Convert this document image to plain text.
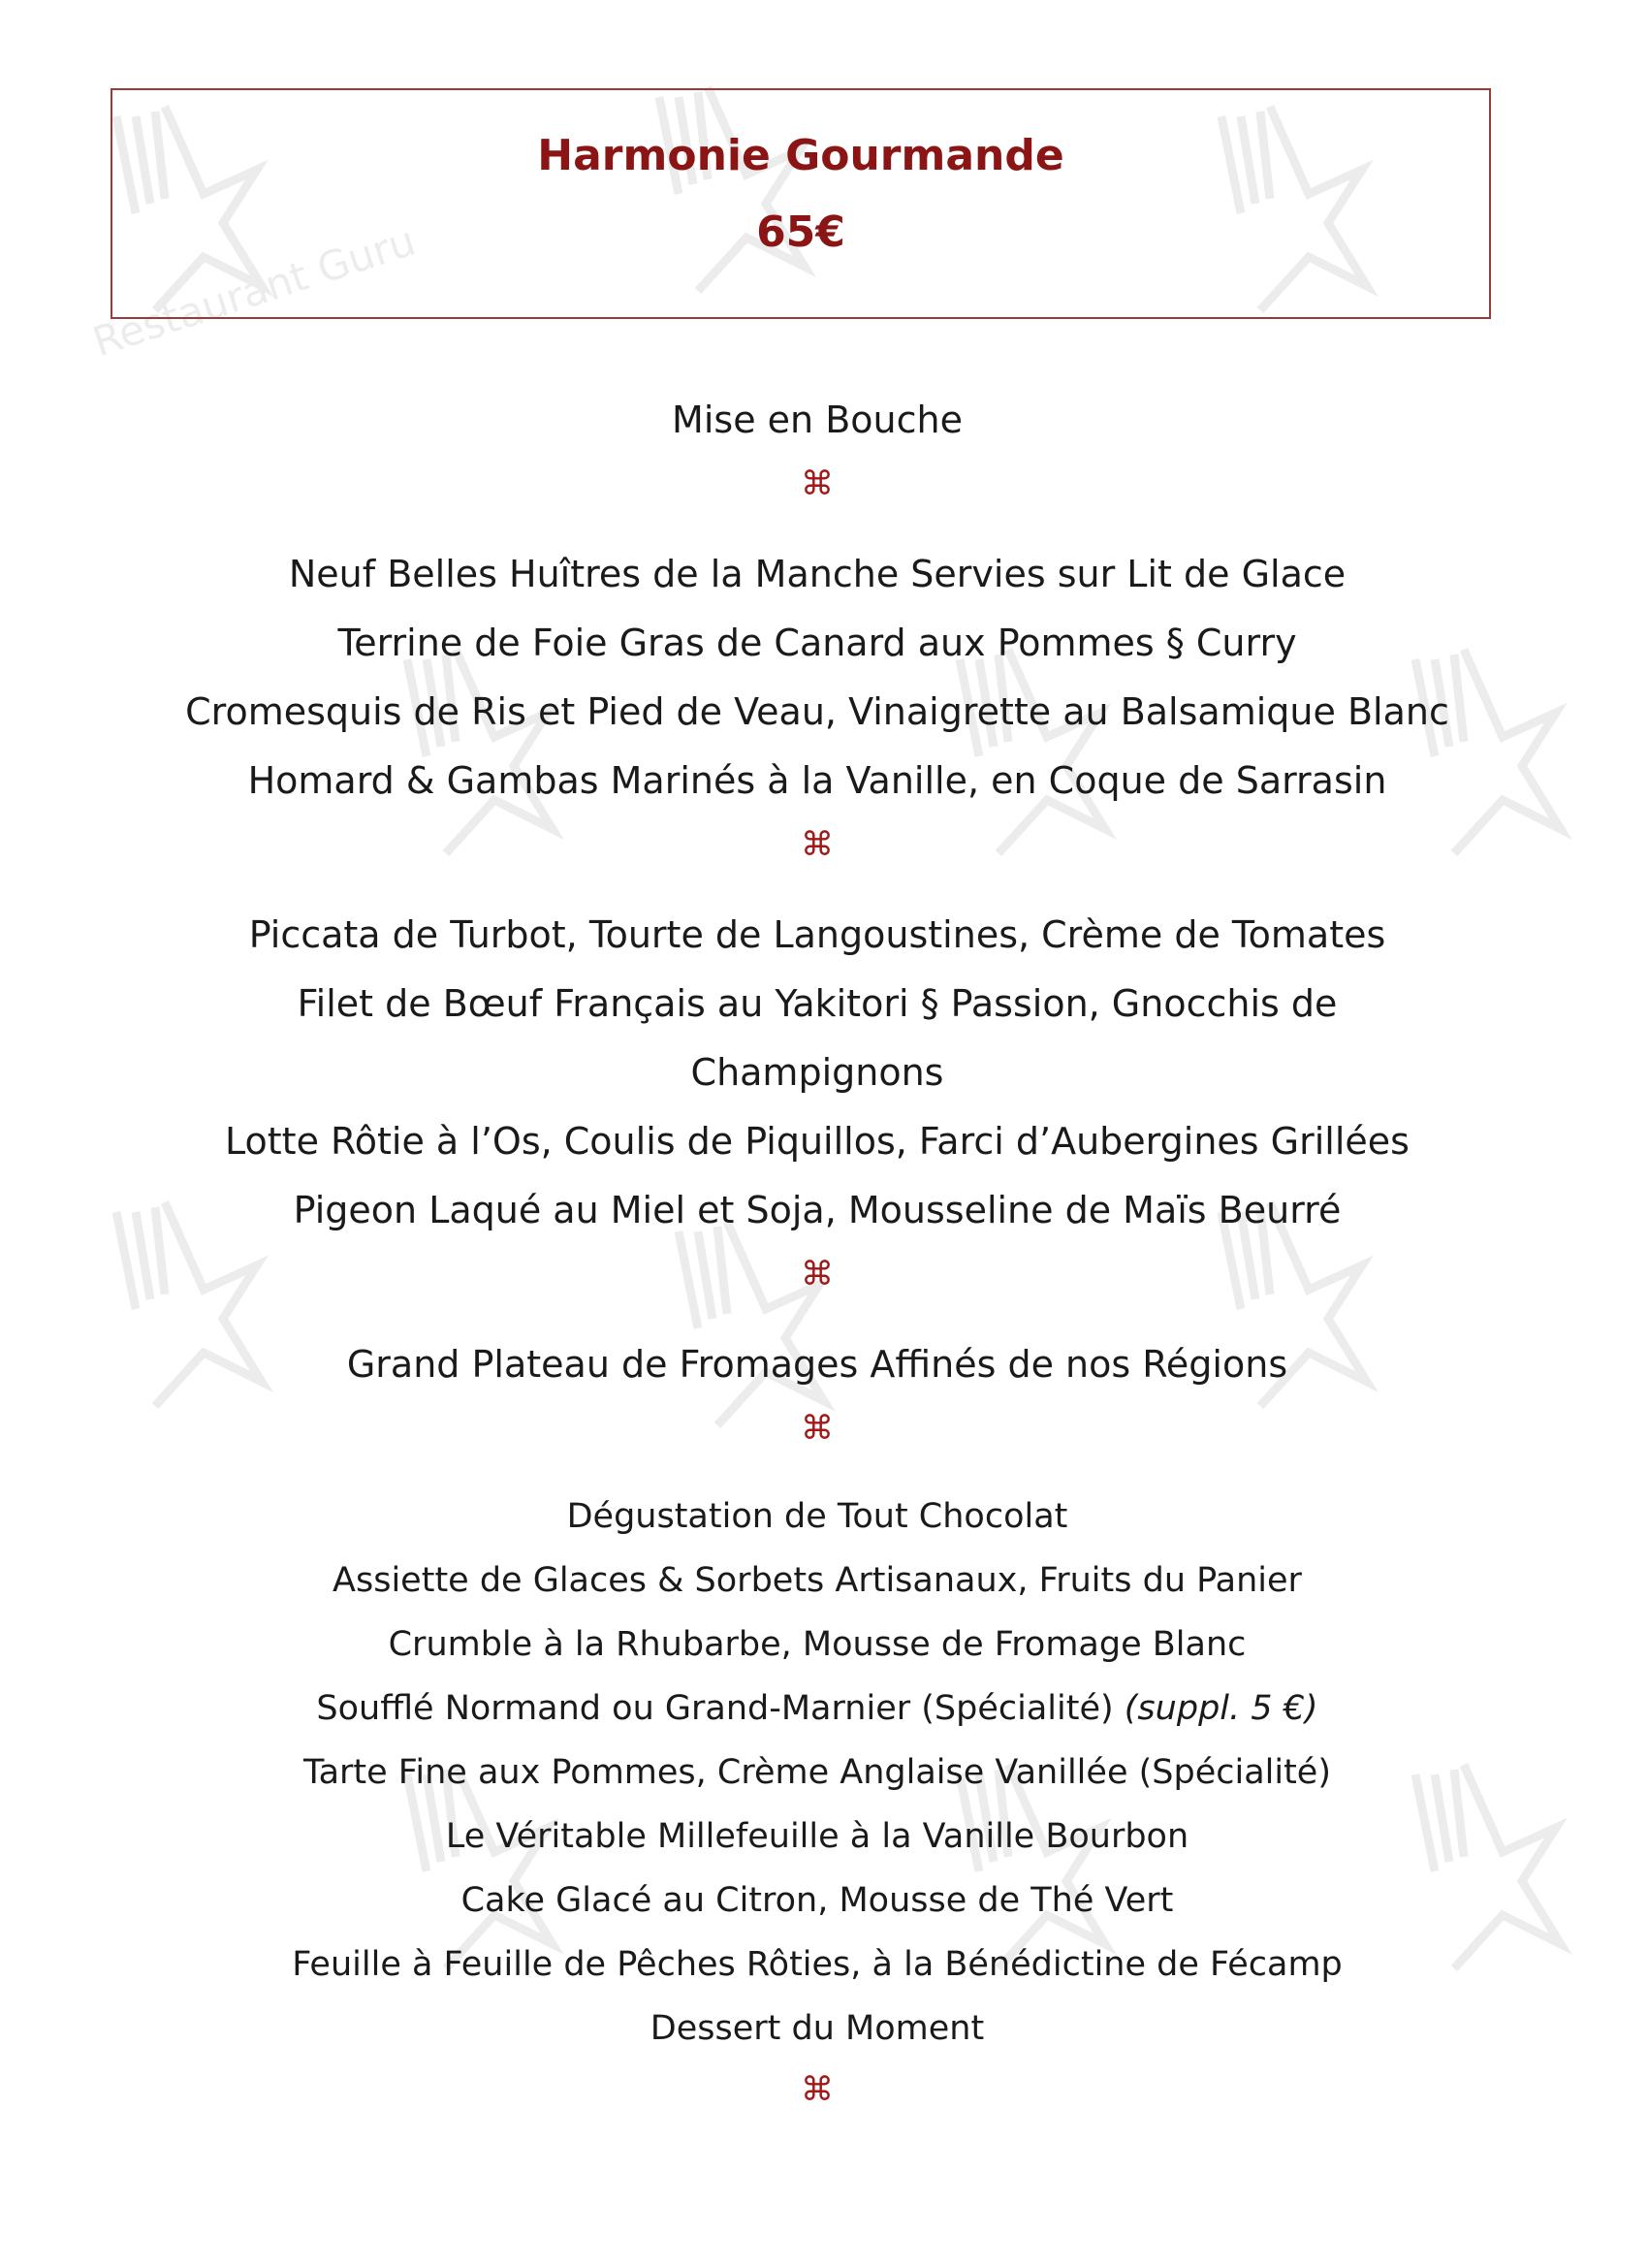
Restaurant Guru
Harmonie Gourmande
65€
Mise en Bouche
⌘
Neuf Belles Huîtres de la Manche Servies sur Lit de Glace
Terrine de Foie Gras de Canard aux Pommes § Curry
Cromesquis de Ris et Pied de Veau, Vinaigrette au Balsamique Blanc
Homard & Gambas Marinés à la Vanille, en Coque de Sarrasin
⌘
Piccata de Turbot, Tourte de Langoustines, Crème de Tomates
Filet de Bœuf Français au Yakitori § Passion, Gnocchis de
Champignons
Lotte Rôtie à l’Os, Coulis de Piquillos, Farci d’Aubergines Grillées
Pigeon Laqué au Miel et Soja, Mousseline de Maïs Beurré
⌘
Grand Plateau de Fromages Affinés de nos Régions
⌘
Dégustation de Tout Chocolat
Assiette de Glaces & Sorbets Artisanaux, Fruits du Panier
Crumble à la Rhubarbe, Mousse de Fromage Blanc
Soufflé Normand ou Grand-Marnier (Spécialité) (suppl. 5 €)
Tarte Fine aux Pommes, Crème Anglaise Vanillée (Spécialité)
Le Véritable Millefeuille à la Vanille Bourbon
Cake Glacé au Citron, Mousse de Thé Vert
Feuille à Feuille de Pêches Rôties, à la Bénédictine de Fécamp
Dessert du Moment
⌘
